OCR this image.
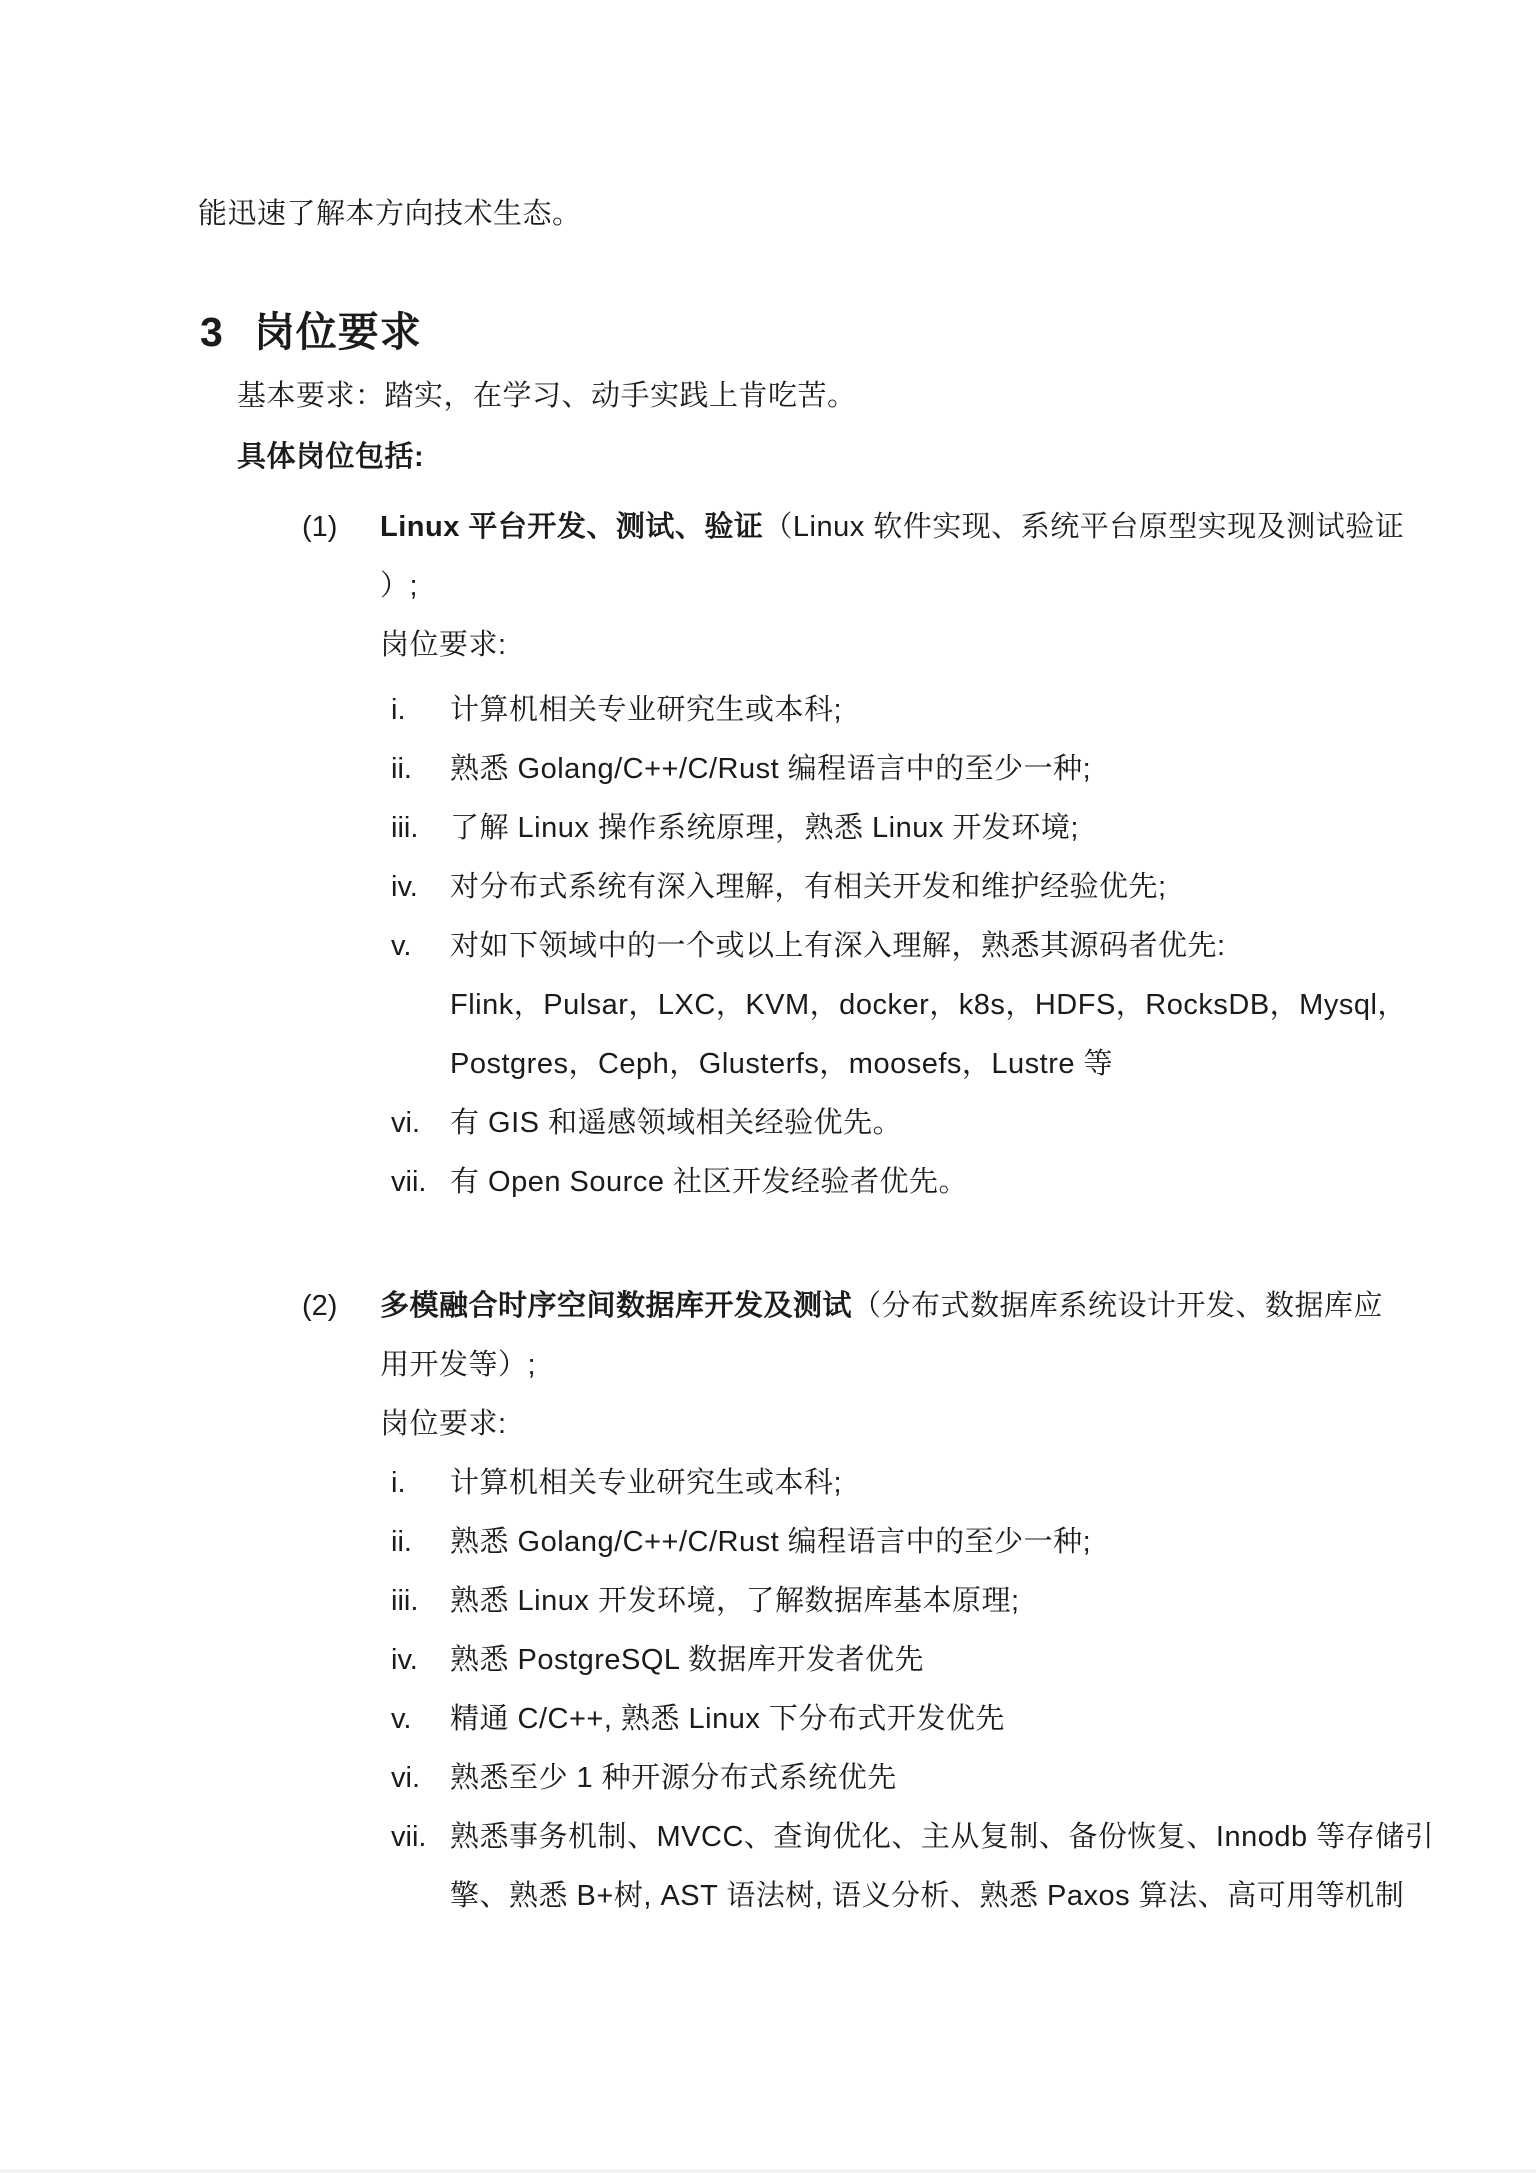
能迅速了解本方向技术生态。
3 岗位要求
基本要求：踏实，在学习、动手实践上肯吃苦。
具体岗位包括:
(1) Linux 平台开发、测试、验证（Linux 软件实现、系统平台原型实现及测试验证
）;
岗位要求:
i. 计算机相关专业研究生或本科;
ii. 熟悉 Golang/C++/C/Rust 编程语言中的至少一种;
iii. 了解 Linux 操作系统原理，熟悉 Linux 开发环境;
iv. 对分布式系统有深入理解，有相关开发和维护经验优先;
v. 对如下领域中的一个或以上有深入理解，熟悉其源码者优先:
Flink，Pulsar，LXC，KVM，docker，k8s，HDFS，RocksDB，Mysql，
Postgres，Ceph，Glusterfs，moosefs，Lustre 等
vi. 有 GIS 和遥感领域相关经验优先。
vii. 有 Open Source 社区开发经验者优先。
(2) 多模融合时序空间数据库开发及测试（分布式数据库系统设计开发、数据库应
用开发等）;
岗位要求:
i. 计算机相关专业研究生或本科;
ii. 熟悉 Golang/C++/C/Rust 编程语言中的至少一种;
iii. 熟悉 Linux 开发环境，了解数据库基本原理;
iv. 熟悉 PostgreSQL 数据库开发者优先
v. 精通 C/C++, 熟悉 Linux 下分布式开发优先
vi. 熟悉至少 1 种开源分布式系统优先
vii. 熟悉事务机制、MVCC、查询优化、主从复制、备份恢复、Innodb 等存储引
擎、熟悉 B+树, AST 语法树, 语义分析、熟悉 Paxos 算法、高可用等机制
